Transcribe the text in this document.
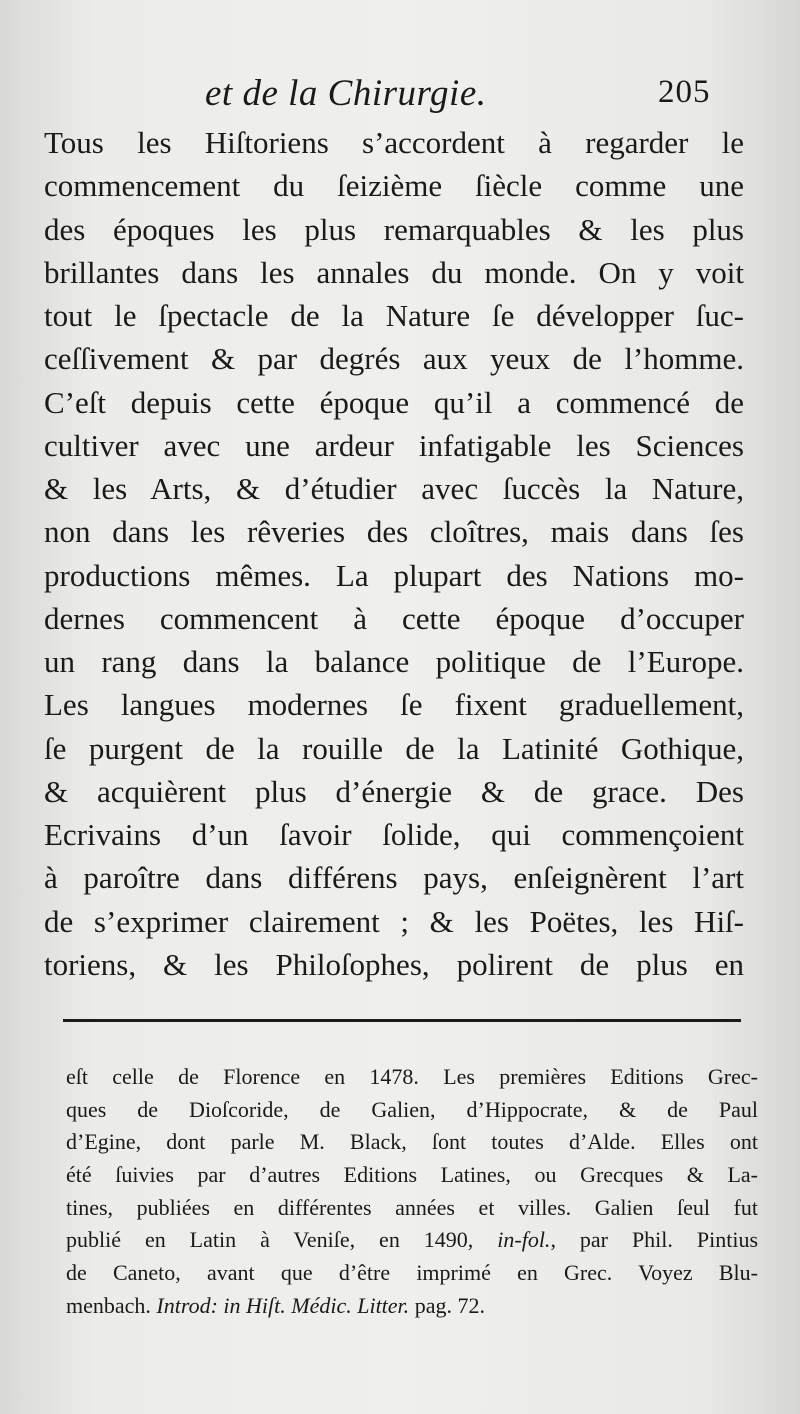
et de la Chirurgie.	205
Tous les Hiſtoriens s’accordent à regarder le
commencement du ſeizième ſiècle comme une
des époques les plus remarquables & les plus
brillantes dans les annales du monde. On y voit
tout le ſpectacle de la Nature ſe développer ſuc-
ceſſivement & par degrés aux yeux de l’homme.
C’eſt depuis cette époque qu’il a commencé de
cultiver avec une ardeur infatigable les Sciences
& les Arts, & d’étudier avec ſuccès la Nature,
non dans les rêveries des cloîtres, mais dans ſes
productions mêmes. La plupart des Nations mo-
dernes commencent à cette époque d’occuper
un rang dans la balance politique de l’Europe.
Les langues modernes ſe fixent graduellement,
ſe purgent de la rouille de la Latinité Gothique,
& acquièrent plus d’énergie & de grace. Des
Ecrivains d’un ſavoir ſolide, qui commençoient
à paroître dans différens pays, enſeignèrent l’art
de s’exprimer clairement ; & les Poëtes, les Hiſ-
toriens, & les Philoſophes, polirent de plus en
eſt celle de Florence en 1478. Les premières Editions Grec-
ques de Dioſcoride, de Galien, d’Hippocrate, & de Paul
d’Egine, dont parle M. Black, ſont toutes d’Alde. Elles ont
été ſuivies par d’autres Editions Latines, ou Grecques & La-
tines, publiées en différentes années et villes. Galien ſeul fut
publié en Latin à Veniſe, en 1490, in-fol., par Phil. Pintius
de Caneto, avant que d’être imprimé en Grec. Voyez Blu-
menbach. Introd: in Hiſt. Médic. Litter. pag. 72.
